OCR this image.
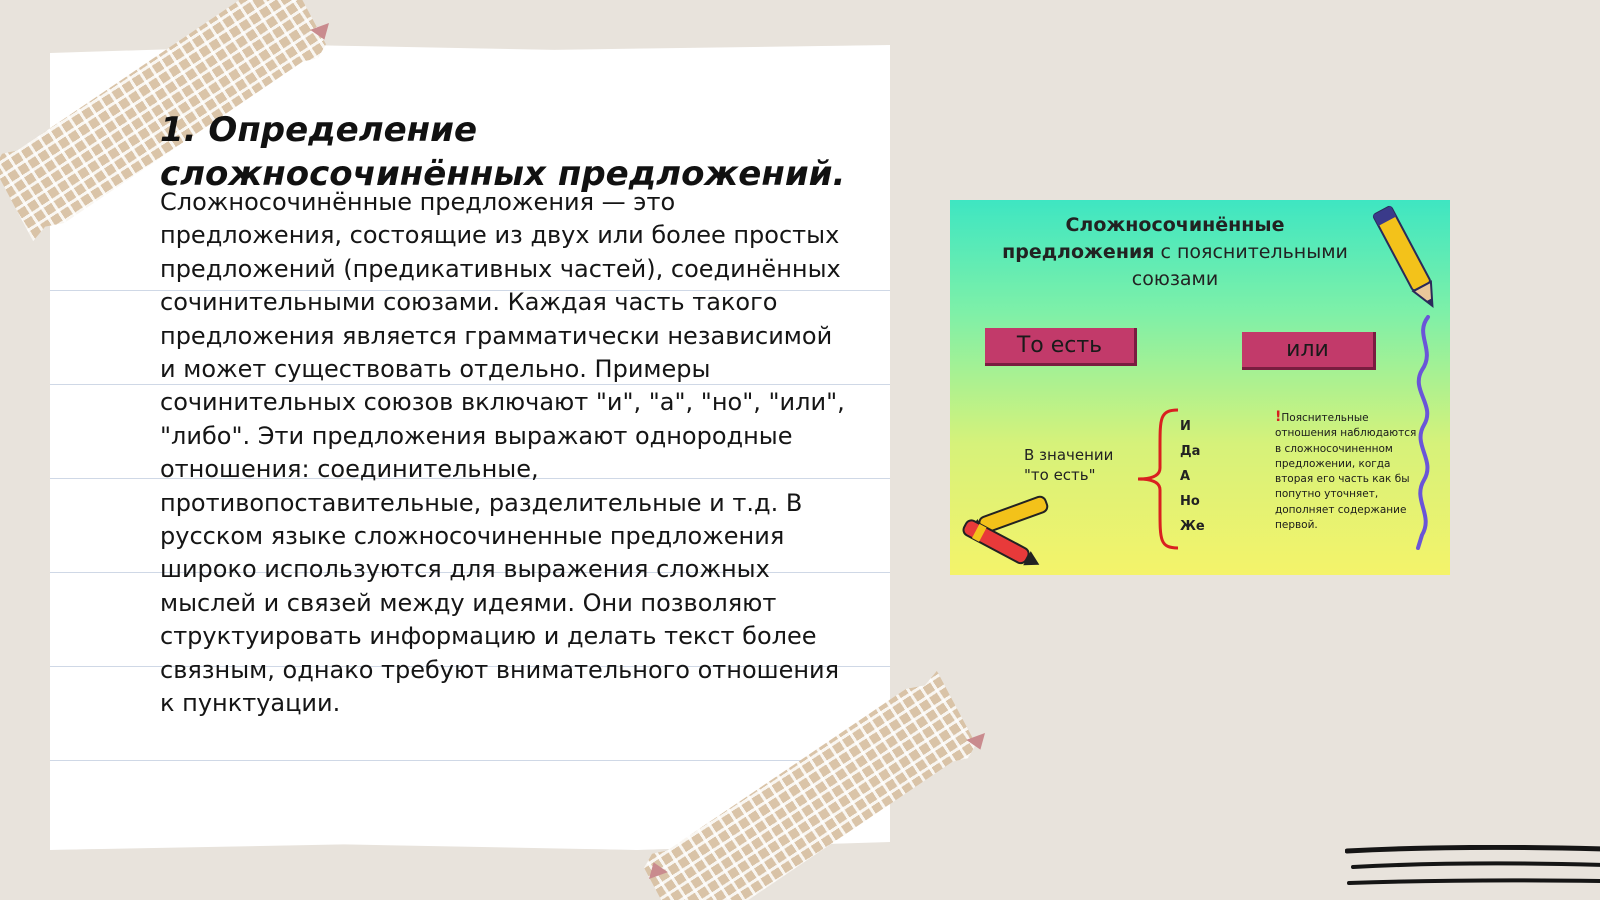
1. Определение сложносочинённых предложений.

Сложносочинённые предложения — это предложения, состоящие из двух или более простых предложений (предикативных частей), соединённых сочинительными союзами. Каждая часть такого предложения является грамматически независимой и может существовать отдельно. Примеры сочинительных союзов включают "и", "а", "но", "или", "либо". Эти предложения выражают однородные отношения: соединительные, противопоставительные, разделительные и т.д. В русском языке сложносочиненные предложения широко используются для выражения сложных мыслей и связей между идеями. Они позволяют структуировать информацию и делать текст более связным, однако требуют внимательного отношения к пунктуации.

Сложносочинённые
предложения с пояснительными союзами
То есть	или
В значении "то есть"
И
Да
А
Но
Же
!Пояснительные отношения наблюдаются в сложносочиненном предложении, когда вторая его часть как бы попутно уточняет, дополняет содержание первой.
